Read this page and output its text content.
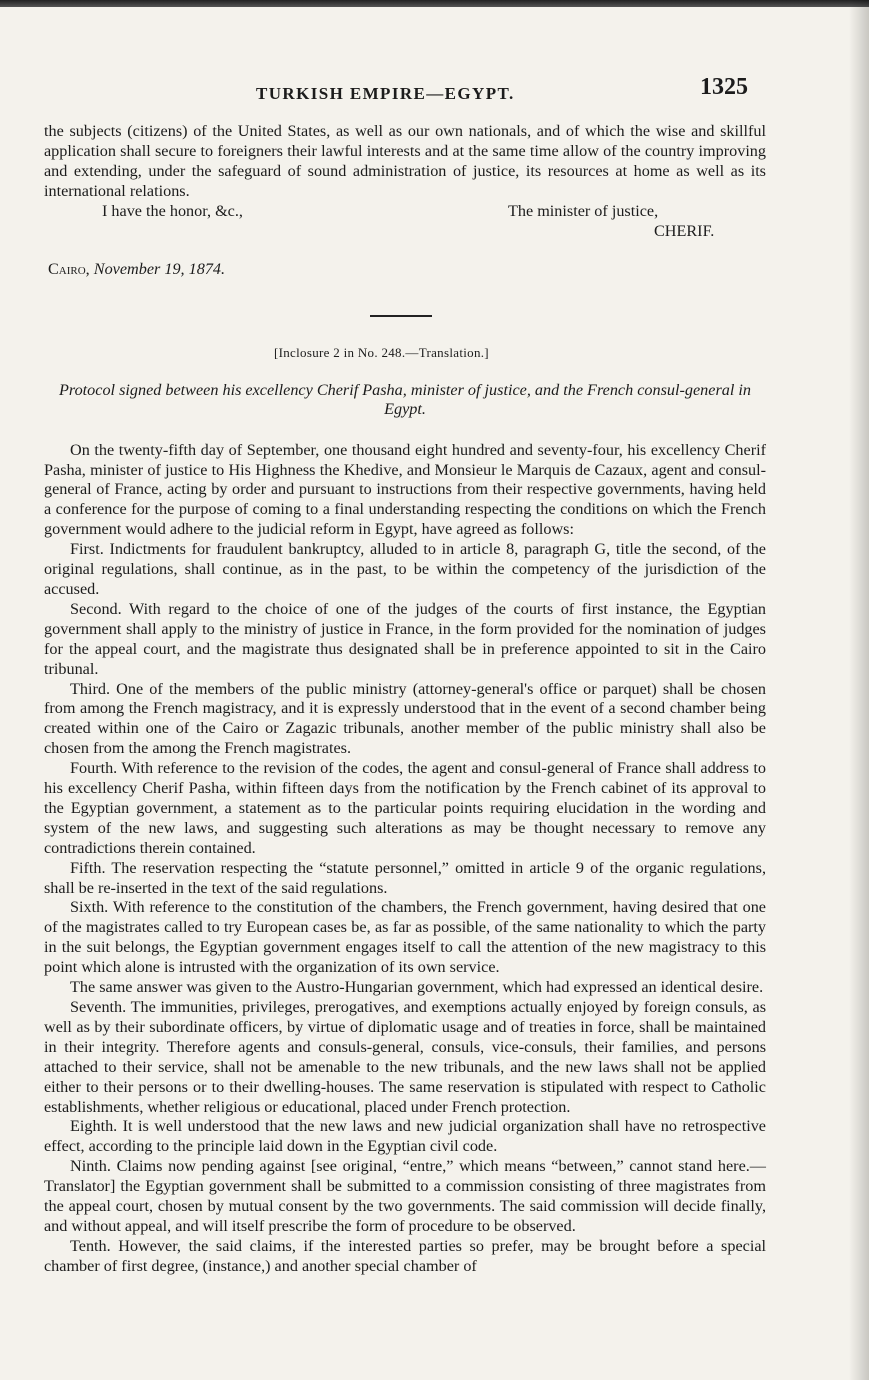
TURKISH EMPIRE—EGYPT.	1325

the subjects (citizens) of the United States, as well as our own nationals, and of which the wise and skillful application shall secure to foreigners their lawful interests and at the same time allow of the country improving and extending, under the safeguard of sound administration of justice, its resources at home as well as its international relations.

I have the honor, &c.,	The minister of justice,
CHERIF.

Cairo, November 19, 1874.

[Inclosure 2 in No. 248.—Translation.]

Protocol signed between his excellency Cherif Pasha, minister of justice, and the French consul-general in Egypt.

On the twenty-fifth day of September, one thousand eight hundred and seventy-four, his excellency Cherif Pasha, minister of justice to His Highness the Khedive, and Monsieur le Marquis de Cazaux, agent and consul-general of France, acting by order and pursuant to instructions from their respective governments, having held a conference for the purpose of coming to a final understanding respecting the conditions on which the French government would adhere to the judicial reform in Egypt, have agreed as follows:

First. Indictments for fraudulent bankruptcy, alluded to in article 8, paragraph G, title the second, of the original regulations, shall continue, as in the past, to be within the competency of the jurisdiction of the accused.

Second. With regard to the choice of one of the judges of the courts of first instance, the Egyptian government shall apply to the ministry of justice in France, in the form provided for the nomination of judges for the appeal court, and the magistrate thus designated shall be in preference appointed to sit in the Cairo tribunal.

Third. One of the members of the public ministry (attorney-general's office or parquet) shall be chosen from among the French magistracy, and it is expressly understood that in the event of a second chamber being created within one of the Cairo or Zagazic tribunals, another member of the public ministry shall also be chosen from the among the French magistrates.

Fourth. With reference to the revision of the codes, the agent and consul-general of France shall address to his excellency Cherif Pasha, within fifteen days from the notification by the French cabinet of its approval to the Egyptian government, a statement as to the particular points requiring elucidation in the wording and system of the new laws, and suggesting such alterations as may be thought necessary to remove any contradictions therein contained.

Fifth. The reservation respecting the “statute personnel,” omitted in article 9 of the organic regulations, shall be re-inserted in the text of the said regulations.

Sixth. With reference to the constitution of the chambers, the French government, having desired that one of the magistrates called to try European cases be, as far as possible, of the same nationality to which the party in the suit belongs, the Egyptian government engages itself to call the attention of the new magistracy to this point which alone is intrusted with the organization of its own service.

The same answer was given to the Austro-Hungarian government, which had expressed an identical desire.

Seventh. The immunities, privileges, prerogatives, and exemptions actually enjoyed by foreign consuls, as well as by their subordinate officers, by virtue of diplomatic usage and of treaties in force, shall be maintained in their integrity. Therefore agents and consuls-general, consuls, vice-consuls, their families, and persons attached to their service, shall not be amenable to the new tribunals, and the new laws shall not be applied either to their persons or to their dwelling-houses. The same reservation is stipulated with respect to Catholic establishments, whether religious or educational, placed under French protection.

Eighth. It is well understood that the new laws and new judicial organization shall have no retrospective effect, according to the principle laid down in the Egyptian civil code.

Ninth. Claims now pending against [see original, “entre,” which means “between,” cannot stand here.—Translator] the Egyptian government shall be submitted to a commission consisting of three magistrates from the appeal court, chosen by mutual consent by the two governments. The said commission will decide finally, and without appeal, and will itself prescribe the form of procedure to be observed.

Tenth. However, the said claims, if the interested parties so prefer, may be brought before a special chamber of first degree, (instance,) and another special chamber of
